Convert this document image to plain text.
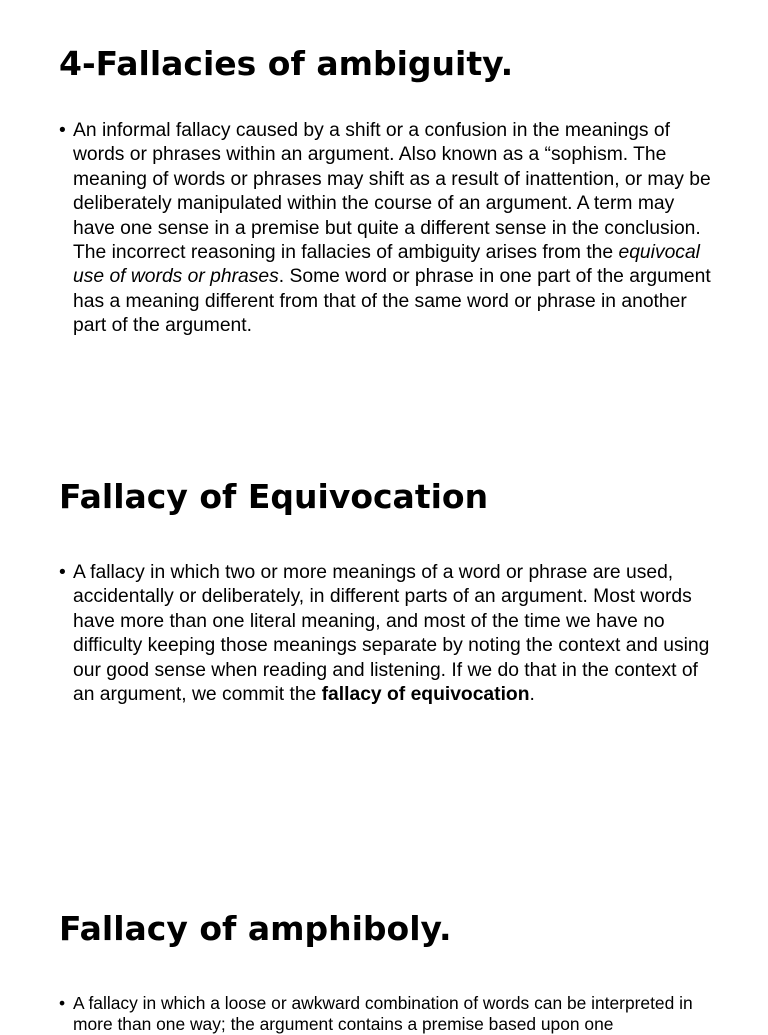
4-Fallacies of ambiguity.
• An informal fallacy caused by a shift or a confusion in the meanings of words or phrases within an argument. Also known as a “sophism. The meaning of words or phrases may shift as a result of inattention, or may be deliberately manipulated within the course of an argument. A term may have one sense in a premise but quite a different sense in the conclusion. The incorrect reasoning in fallacies of ambiguity arises from the equivocal use of words or phrases. Some word or phrase in one part of the argument has a meaning different from that of the same word or phrase in another part of the argument.

Fallacy of Equivocation
• A fallacy in which two or more meanings of a word or phrase are used, accidentally or deliberately, in different parts of an argument. Most words have more than one literal meaning, and most of the time we have no difficulty keeping those meanings separate by noting the context and using our good sense when reading and listening. If we do that in the context of an argument, we commit the fallacy of equivocation.

Fallacy of amphiboly.
• A fallacy in which a loose or awkward combination of words can be interpreted in more than one way; the argument contains a premise based upon one
